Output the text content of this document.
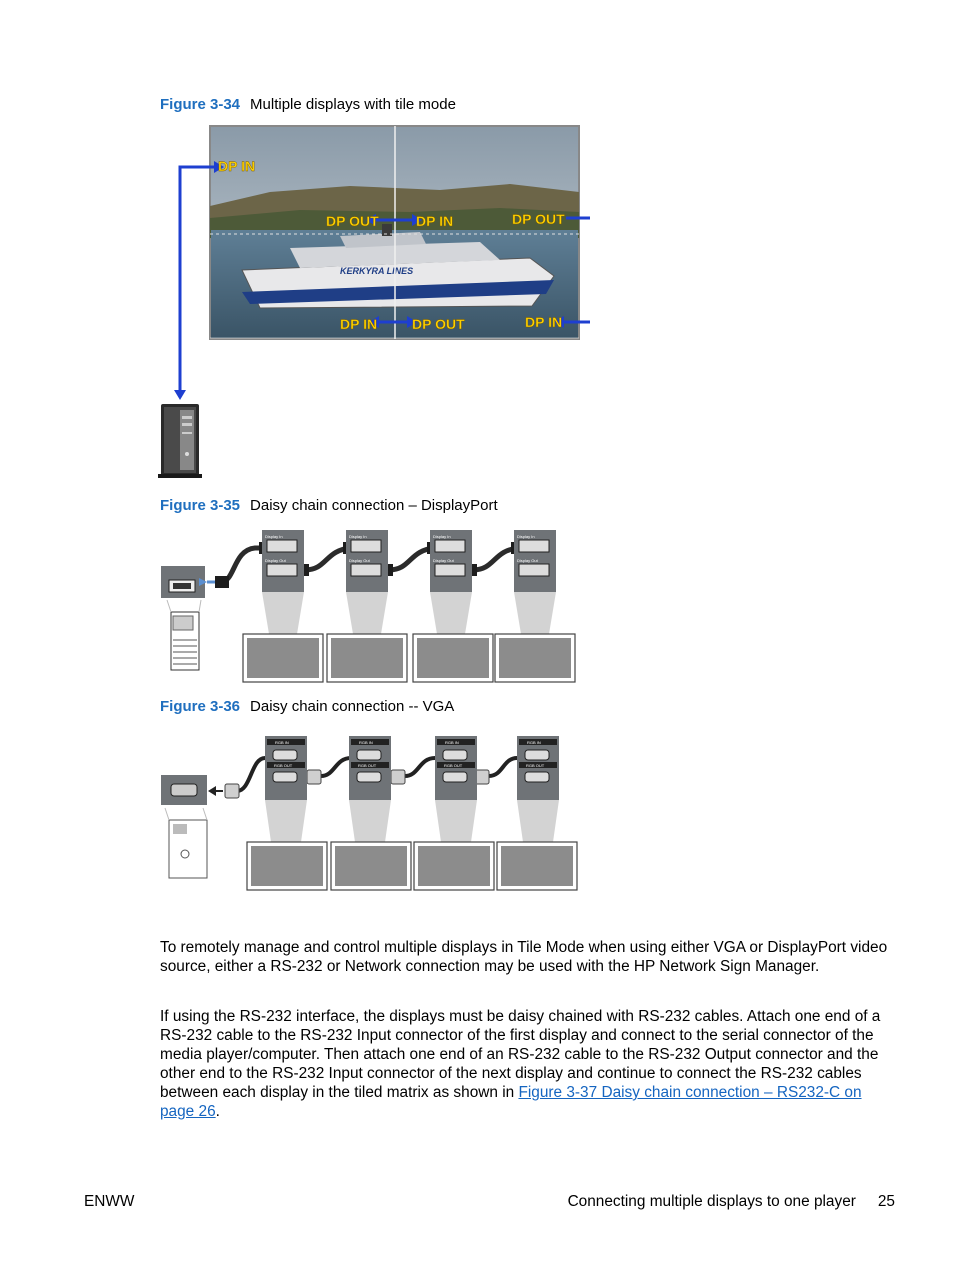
Figure 3-34 Multiple displays with tile mode
KERKYRA LINES
DP IN
DP OUT	DP IN	DP OUT
DP IN DP OUT	DP IN
Figure 3-35 Daisy chain connection – DisplayPort
Display In
Display Out
Display In
Display Out
Display In
Display Out
Display In
Display Out
Figure 3-36 Daisy chain connection -- VGA
RGB IN
RGB OUT
RGB IN
RGB OUT
RGB IN
RGB OUT
RGB IN
RGB OUT

To remotely manage and control multiple displays in Tile Mode when using either VGA or DisplayPort video source, either a RS-232 or Network connection may be used with the HP Network Sign Manager.

If using the RS-232 interface, the displays must be daisy chained with RS-232 cables. Attach one end of a RS-232 cable to the RS-232 Input connector of the first display and connect to the serial connector of the media player/computer. Then attach one end of an RS-232 cable to the RS-232 Output connector and the other end to the RS-232 Input connector of the next display and continue to connect the RS-232 cables between each display in the tiled matrix as shown in Figure 3-37 Daisy chain connection – RS232-C on page 26.

ENWW	Connecting multiple displays to one player 25
